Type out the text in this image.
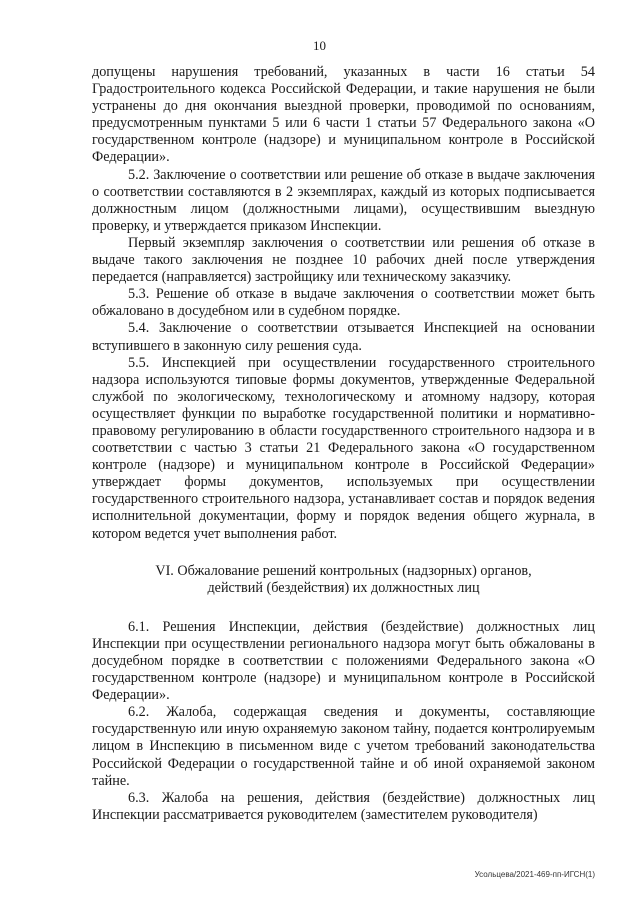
10

допущены нарушения требований, указанных в части 16 статьи 54 Градостроительного кодекса Российской Федерации, и такие нарушения не были устранены до дня окончания выездной проверки, проводимой по основаниям, предусмотренным пунктами 5 или 6 части 1 статьи 57 Федерального закона «О государственном контроле (надзоре) и муниципальном контроле в Российской Федерации».

5.2. Заключение о соответствии или решение об отказе в выдаче заключения о соответствии составляются в 2 экземплярах, каждый из которых подписывается должностным лицом (должностными лицами), осуществившим выездную проверку, и утверждается приказом Инспекции.

Первый экземпляр заключения о соответствии или решения об отказе в выдаче такого заключения не позднее 10 рабочих дней после утверждения передается (направляется) застройщику или техническому заказчику.

5.3. Решение об отказе в выдаче заключения о соответствии может быть обжаловано в досудебном или в судебном порядке.

5.4. Заключение о соответствии отзывается Инспекцией на основании вступившего в законную силу решения суда.

5.5. Инспекцией при осуществлении государственного строительного надзора используются типовые формы документов, утвержденные Федеральной службой по экологическому, технологическому и атомному надзору, которая осуществляет функции по выработке государственной политики и нормативно-правовому регулированию в области государственного строительного надзора и в соответствии с частью 3 статьи 21 Федерального закона «О государственном контроле (надзоре) и муниципальном контроле в Российской Федерации» утверждает формы документов, используемых при осуществлении государственного строительного надзора, устанавливает состав и порядок ведения исполнительной документации, форму и порядок ведения общего журнала, в котором ведется учет выполнения работ.

VI. Обжалование решений контрольных (надзорных) органов,
действий (бездействия) их должностных лиц

6.1. Решения Инспекции, действия (бездействие) должностных лиц Инспекции при осуществлении регионального надзора могут быть обжалованы в досудебном порядке в соответствии с положениями Федерального закона «О государственном контроле (надзоре) и муниципальном контроле в Российской Федерации».

6.2. Жалоба, содержащая сведения и документы, составляющие государственную или иную охраняемую законом тайну, подается контролируемым лицом в Инспекцию в письменном виде с учетом требований законодательства Российской Федерации о государственной тайне и об иной охраняемой законом тайне.

6.3. Жалоба на решения, действия (бездействие) должностных лиц Инспекции рассматривается руководителем (заместителем руководителя)

Усольцева/2021-469-пп-ИГСН(1)
